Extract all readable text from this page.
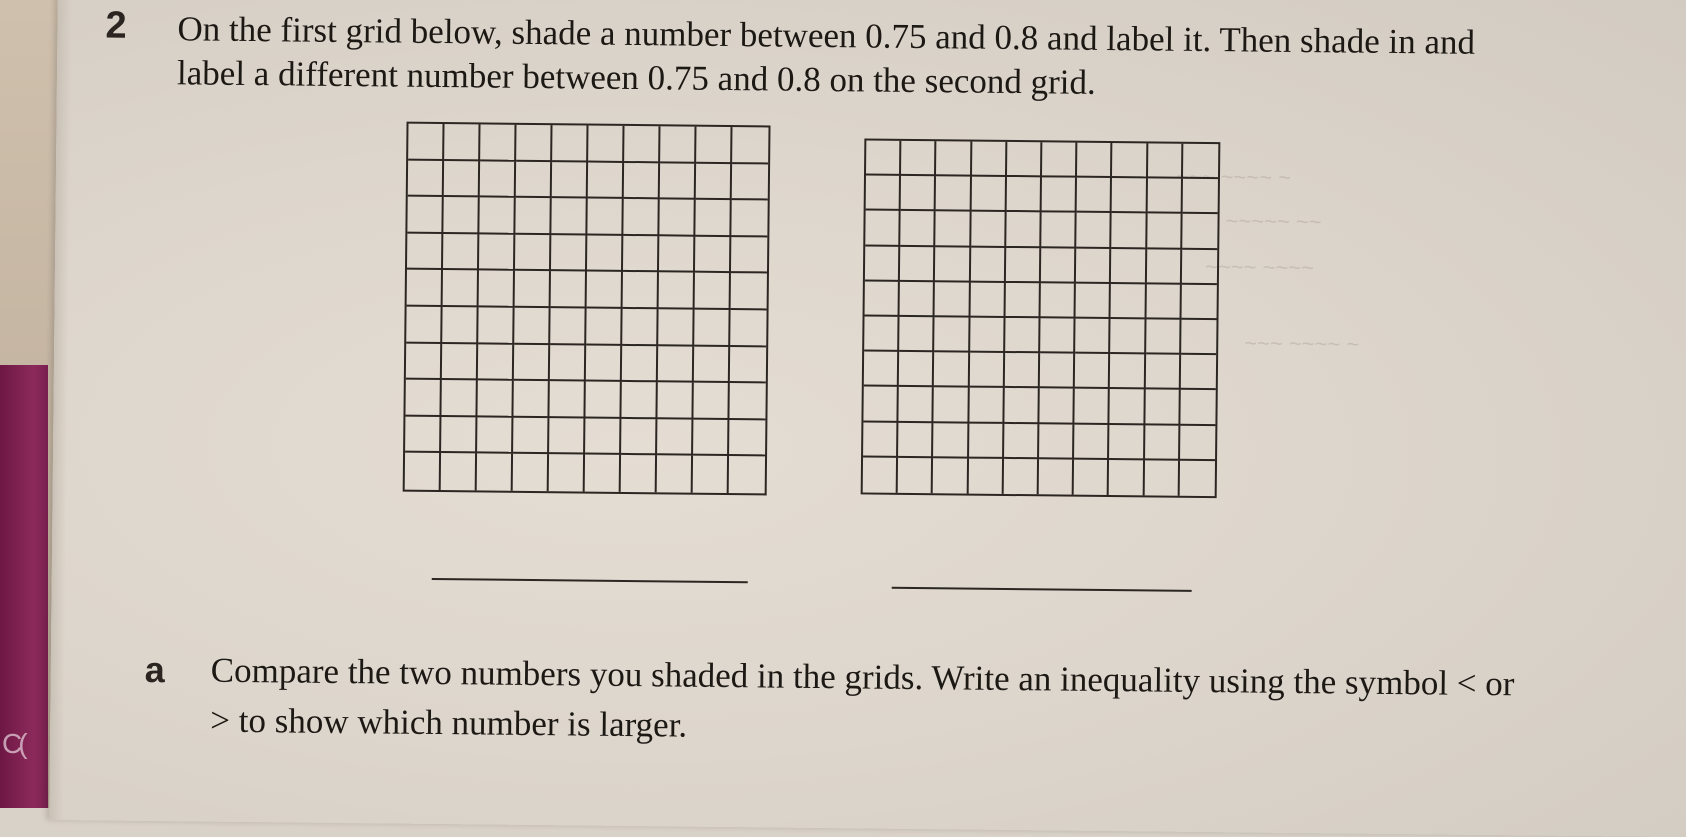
C(
~~~ ~~~~ ~
~~~~~ ~~
~~~~ ~~~~
~~~ ~~~~ ~
2 On the first grid below, shade a number between 0.75 and 0.8 and label it. Then shade in and label a different number between 0.75 and 0.8 on the second grid.
a Compare the two numbers you shaded in the grids. Write an inequality using the symbol < or > to show which number is larger.
